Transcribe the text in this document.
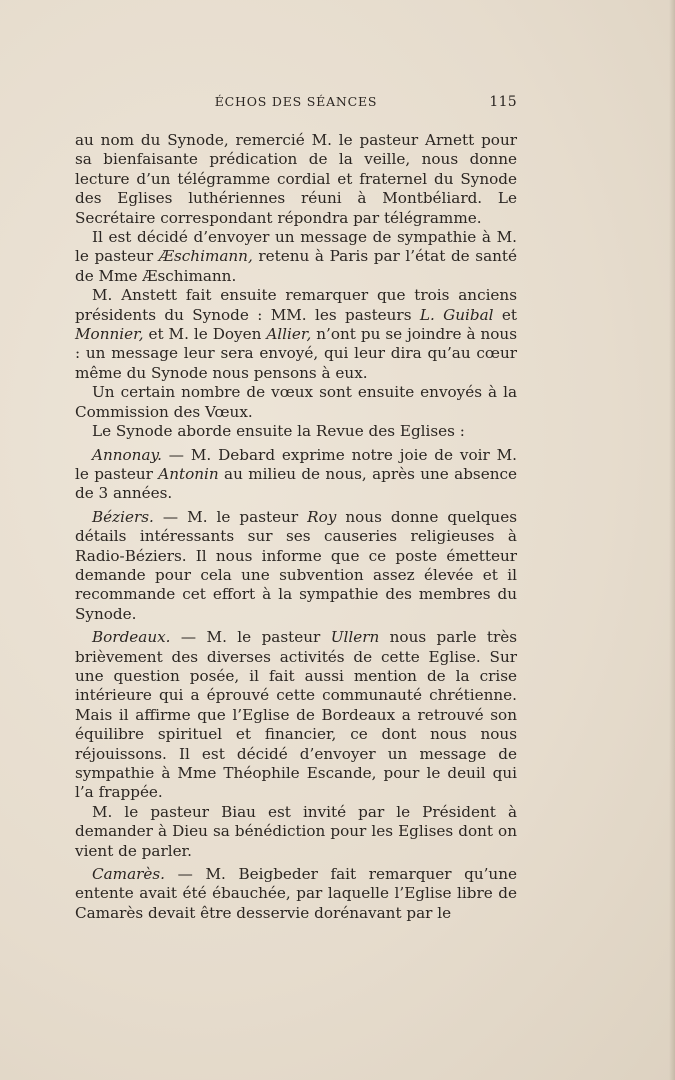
ÉCHOS DES SÉANCES	115

au nom du Synode, remercié M. le pasteur Arnett pour sa bienfaisante prédication de la veille, nous donne lecture d’un télégramme cordial et fraternel du Synode des Eglises luthériennes réuni à Montbéliard. Le Secrétaire correspondant répondra par télégramme.

Il est décidé d’envoyer un message de sympathie à M. le pasteur Æschimann, retenu à Paris par l’état de santé de Mme Æschimann.

M. Anstett fait ensuite remarquer que trois anciens présidents du Synode : MM. les pasteurs L. Guibal et Monnier, et M. le Doyen Allier, n’ont pu se joindre à nous : un message leur sera envoyé, qui leur dira qu’au cœur même du Synode nous pensons à eux.

Un certain nombre de vœux sont ensuite envoyés à la Commission des Vœux.

Le Synode aborde ensuite la Revue des Eglises :

Annonay. — M. Debard exprime notre joie de voir M. le pasteur Antonin au milieu de nous, après une absence de 3 années.

Béziers. — M. le pasteur Roy nous donne quelques détails intéressants sur ses causeries religieuses à Radio-Béziers. Il nous informe que ce poste émetteur demande pour cela une subvention assez élevée et il recommande cet effort à la sympathie des membres du Synode.

Bordeaux. — M. le pasteur Ullern nous parle très brièvement des diverses activités de cette Eglise. Sur une question posée, il fait aussi mention de la crise intérieure qui a éprouvé cette communauté chrétienne. Mais il affirme que l’Eglise de Bordeaux a retrouvé son équilibre spirituel et financier, ce dont nous nous réjouissons. Il est décidé d’envoyer un message de sympathie à Mme Théophile Escande, pour le deuil qui l’a frappée.

M. le pasteur Biau est invité par le Président à demander à Dieu sa bénédiction pour les Eglises dont on vient de parler.

Camarès. — M. Beigbeder fait remarquer qu’une entente avait été ébauchée, par laquelle l’Eglise libre de Camarès devait être desservie dorénavant par le
